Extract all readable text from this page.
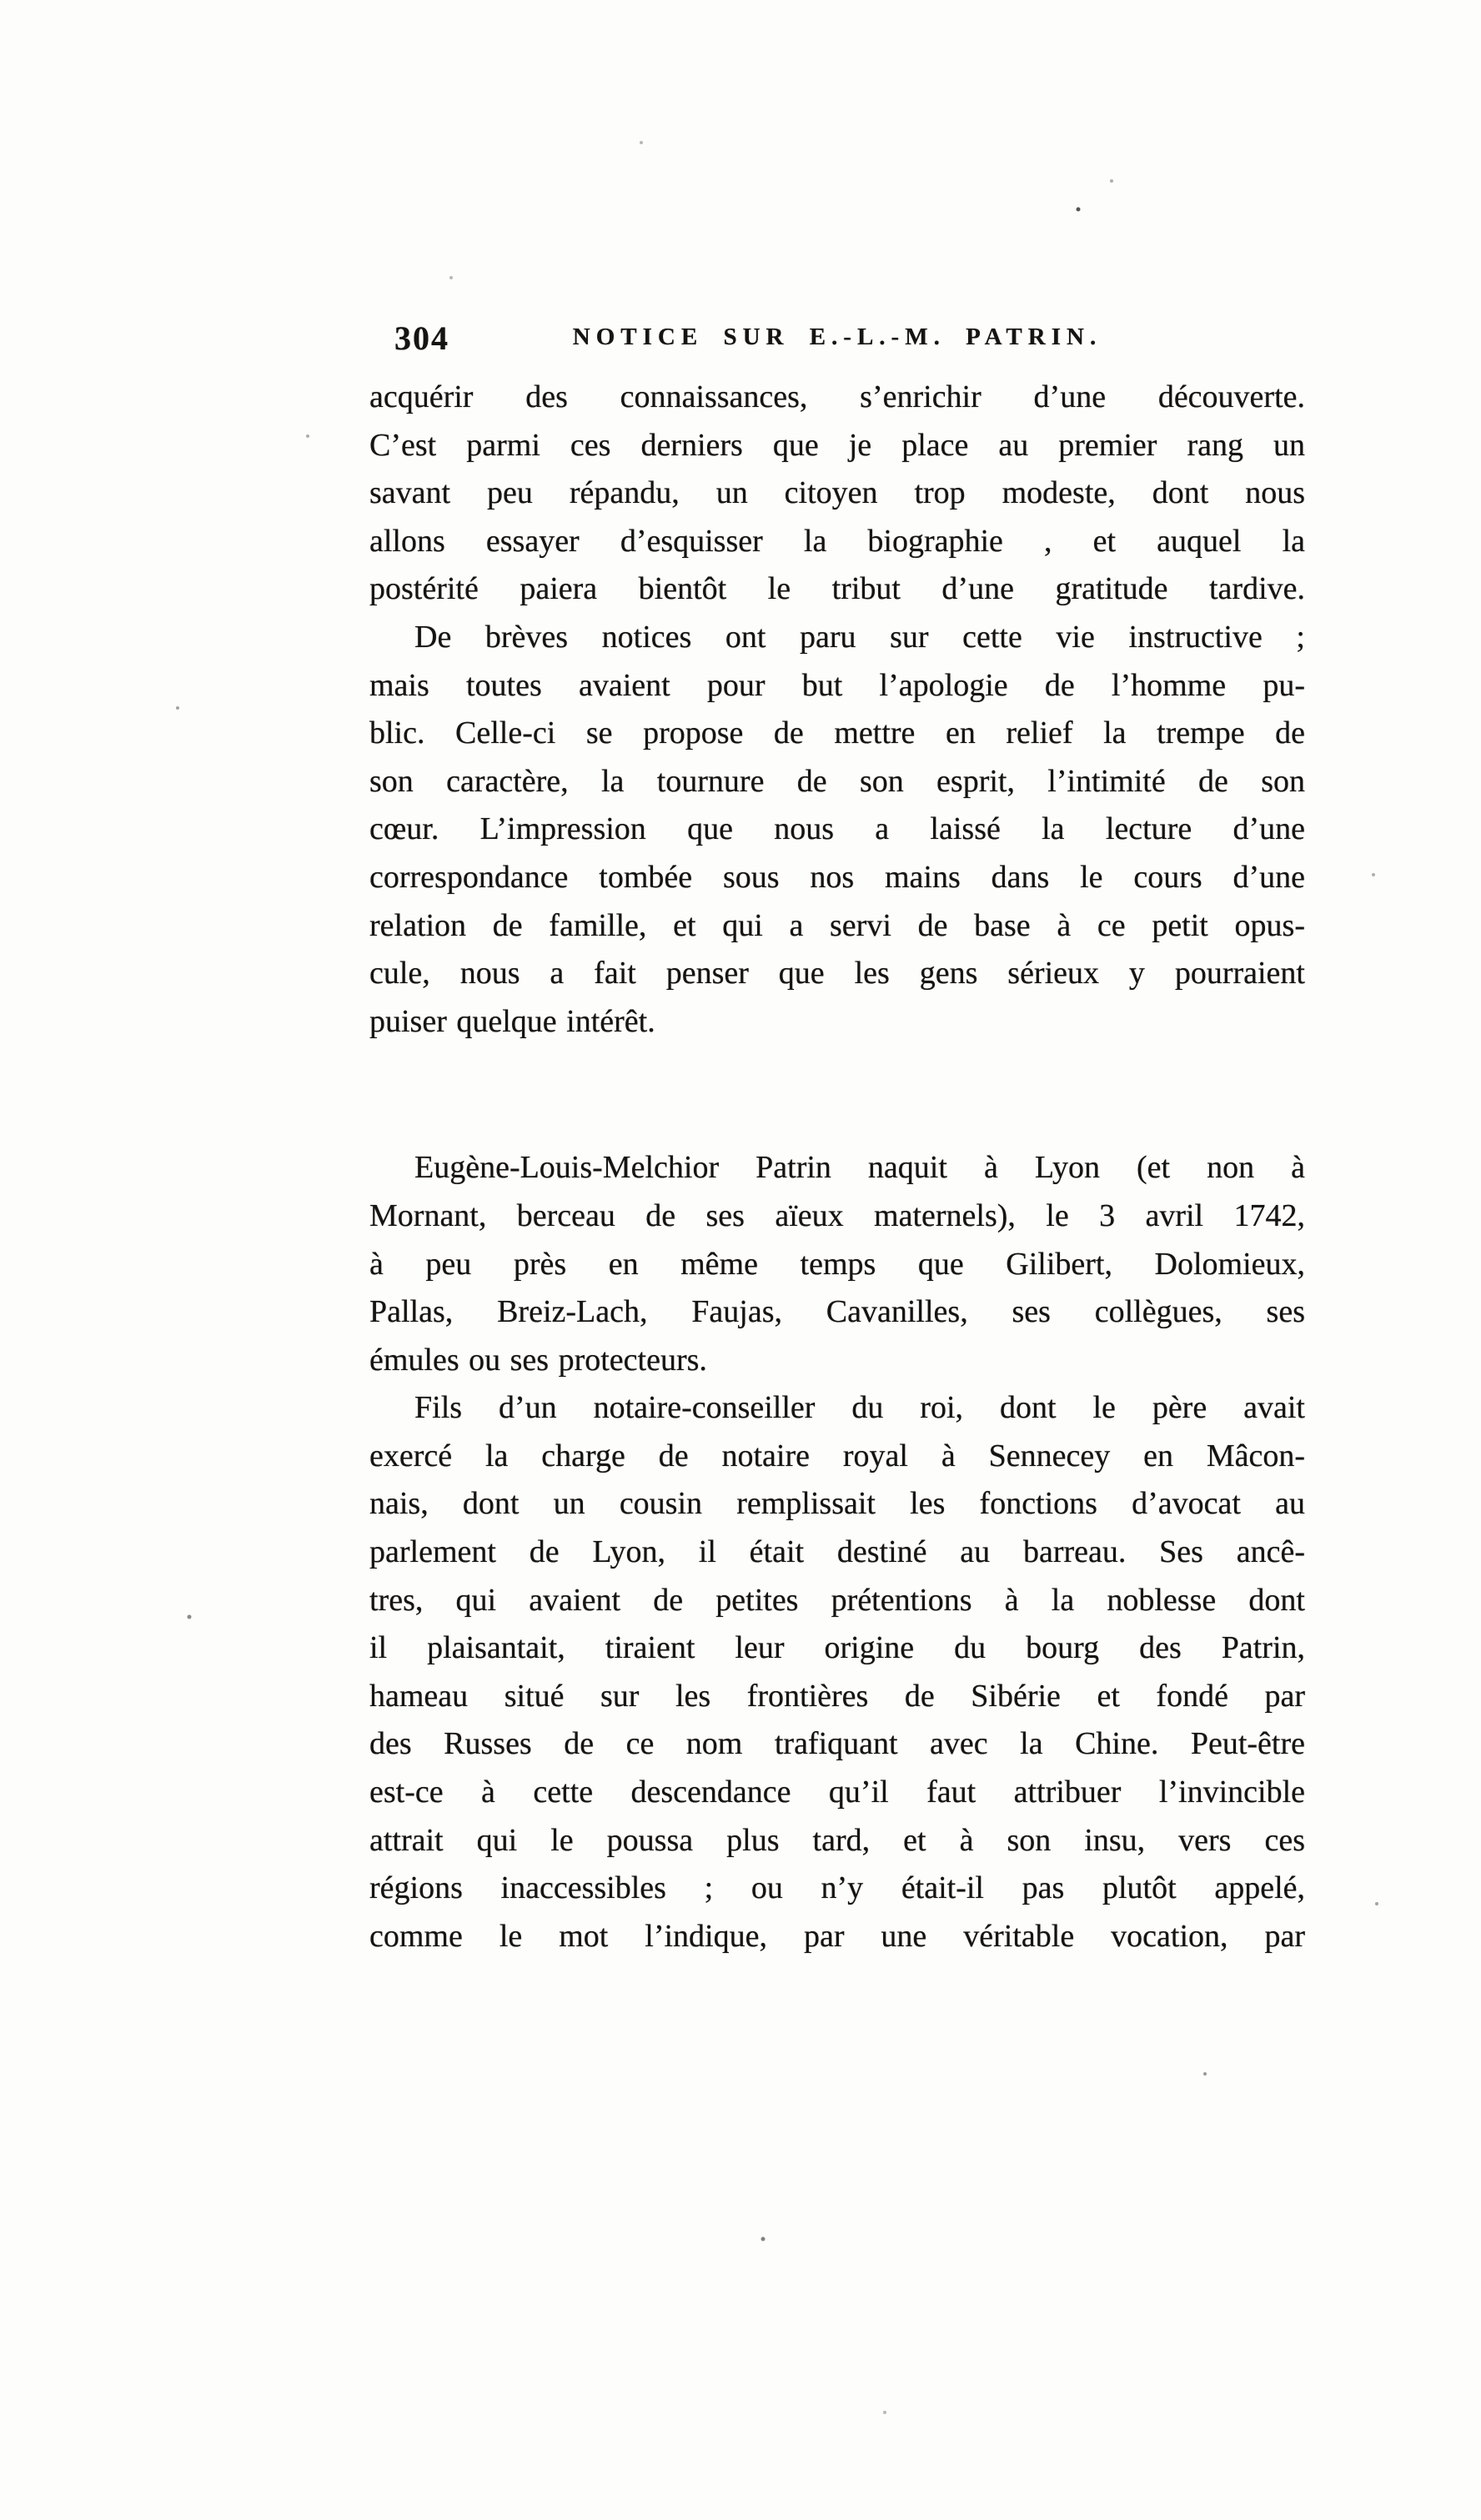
304	NOTICE SUR E.-L.-M. PATRIN.
acquérir des connaissances, s’enrichir d’une découverte.
C’est parmi ces derniers que je place au premier rang un
savant peu répandu, un citoyen trop modeste, dont nous
allons essayer d’esquisser la biographie , et auquel la
postérité paiera bientôt le tribut d’une gratitude tardive.
De brèves notices ont paru sur cette vie instructive ;
mais toutes avaient pour but l’apologie de l’homme pu-
blic. Celle-ci se propose de mettre en relief la trempe de
son caractère, la tournure de son esprit, l’intimité de son
cœur. L’impression que nous a laissé la lecture d’une
correspondance tombée sous nos mains dans le cours d’une
relation de famille, et qui a servi de base à ce petit opus-
cule, nous a fait penser que les gens sérieux y pourraient
puiser quelque intérêt.
Eugène-Louis-Melchior Patrin naquit à Lyon (et non à
Mornant, berceau de ses aïeux maternels), le 3 avril 1742,
à peu près en même temps que Gilibert, Dolomieux,
Pallas, Breiz-Lach, Faujas, Cavanilles, ses collègues, ses
émules ou ses protecteurs.
Fils d’un notaire-conseiller du roi, dont le père avait
exercé la charge de notaire royal à Sennecey en Mâcon-
nais, dont un cousin remplissait les fonctions d’avocat au
parlement de Lyon, il était destiné au barreau. Ses ancê-
tres, qui avaient de petites prétentions à la noblesse dont
il plaisantait, tiraient leur origine du bourg des Patrin,
hameau situé sur les frontières de Sibérie et fondé par
des Russes de ce nom trafiquant avec la Chine. Peut-être
est-ce à cette descendance qu’il faut attribuer l’invincible
attrait qui le poussa plus tard, et à son insu, vers ces
régions inaccessibles ; ou n’y était-il pas plutôt appelé,
comme le mot l’indique, par une véritable vocation, par
